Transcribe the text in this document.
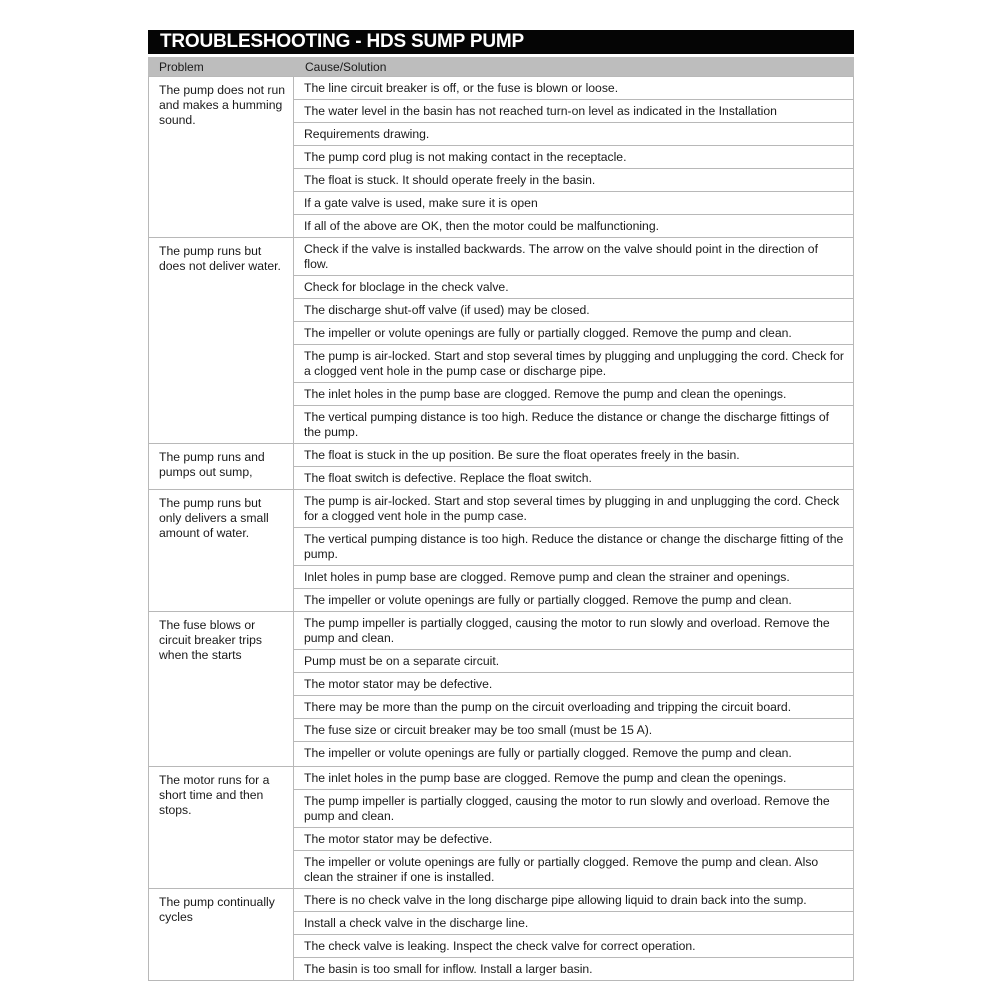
TROUBLESHOOTING - HDS SUMP PUMP
Problem	Cause/Solution
The pump does not run and makes a humming sound.	The line circuit breaker is off, or the fuse is blown or loose.
	The water level in the basin has not reached turn-on level as indicated in the Installation
	Requirements drawing.
	The pump cord plug is not making contact in the receptacle.
	The float is stuck. It should operate freely in the basin.
	If a gate valve is used, make sure it is open
	If all of the above are OK, then the motor could be malfunctioning.
The pump runs but does not deliver water.	Check if the valve is installed backwards. The arrow on the valve should point in the direction of flow.
	Check for bloclage in the check valve.
	The discharge shut-off valve (if used) may be closed.
	The impeller or volute openings are fully or partially clogged. Remove the pump and clean.
	The pump is air-locked. Start and stop several times by plugging and unplugging the cord. Check for a clogged vent hole in the pump case or discharge pipe.
	The inlet holes in the pump base are clogged. Remove the pump and clean the openings.
	The vertical pumping distance is too high. Reduce the distance or change the discharge fittings of the pump.
The pump runs and pumps out sump,	The float is stuck in the up position. Be sure the float operates freely in the basin.
	The float switch is defective. Replace the float switch.
The pump runs but only delivers a small amount of water.	The pump is air-locked. Start and stop several times by plugging in and unplugging the cord. Check for a clogged vent hole in the pump case.
	The vertical pumping distance is too high. Reduce the distance or change the discharge fitting of the pump.
	Inlet holes in pump base are clogged. Remove pump and clean the strainer and openings.
	The impeller or volute openings are fully or partially clogged. Remove the pump and clean.
The fuse blows or circuit breaker trips when the starts	The pump impeller is partially clogged, causing the motor to run slowly and overload. Remove the pump and clean.
	Pump must be on a separate circuit.
	The motor stator may be defective.
	There may be more than the pump on the circuit overloading and tripping the circuit board.
	The fuse size or circuit breaker may be too small (must be 15 A).
	The impeller or volute openings are fully or partially clogged. Remove the pump and clean.
The motor runs for a short time and then stops.	The inlet holes in the pump base are clogged. Remove the pump and clean the openings.
	The pump impeller is partially clogged, causing the motor to run slowly and overload. Remove the pump and clean.
	The motor stator may be defective.
	The impeller or volute openings are fully or partially clogged. Remove the pump and clean. Also clean the strainer if one is installed.
The pump continually cycles	There is no check valve in the long discharge pipe allowing liquid to drain back into the sump.
	Install a check valve in the discharge line.
	The check valve is leaking. Inspect the check valve for correct operation.
	The basin is too small for inflow. Install a larger basin.
